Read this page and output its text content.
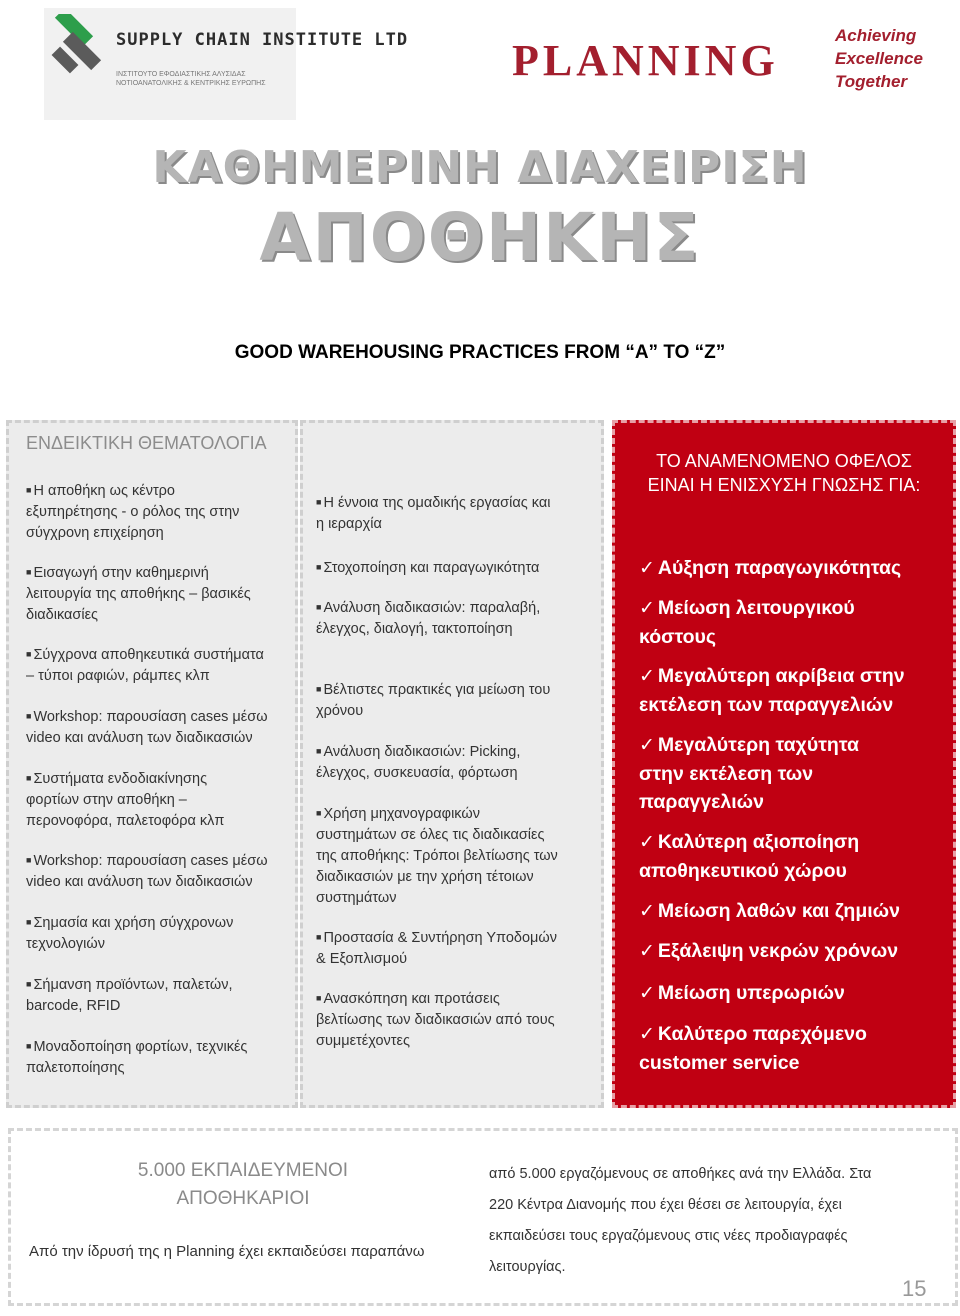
SUPPLY CHAIN INSTITUTE LTD
ΙΝΣΤΙΤΟΥΤΟ ΕΦΟΔΙΑΣΤΙΚΗΣ ΑΛΥΣΙΔΑΣ ΝΟΤΙΟΑΝΑΤΟΛΙΚΗΣ & ΚΕΝΤΡΙΚΗΣ ΕΥΡΩΠΗΣ	PLANNING
Achieving
Excellence
Together
ΚΑΘΗΜΕΡΙΝΗ ΔΙΑΧΕΙΡΙΣΗ
ΑΠΟΘΗΚΗΣ
GOOD WAREHOUSING PRACTICES FROM “A” TO “Z”
ΕΝΔΕΙΚΤΙΚΗ ΘΕΜΑΤΟΛΟΓΙΑ
■ Η αποθήκη ως κέντρο
εξυπηρέτησης - ο ρόλος της στην
σύγχρονη επιχείρηση
■ Εισαγωγή στην καθημερινή
λειτουργία της αποθήκης – βασικές
διαδικασίες
■ Σύγχρονα αποθηκευτικά συστήματα
– τύποι ραφιών, ράμπες κλπ
■ Workshop: παρουσίαση cases μέσω
video και ανάλυση των διαδικασιών
■ Συστήματα ενδοδιακίνησης
φορτίων στην αποθήκη –
περονοφόρα, παλετοφόρα κλπ
■ Workshop: παρουσίαση cases μέσω
video και ανάλυση των διαδικασιών
■ Σημασία και χρήση σύγχρονων
τεχνολογιών
■ Σήμανση προϊόντων, παλετών,
barcode, RFID
■ Μοναδοποίηση φορτίων, τεχνικές
παλετοποίησης
■ Η έννοια της ομαδικής εργασίας και
η ιεραρχία
■ Στοχοποίηση και παραγωγικότητα
■ Ανάλυση διαδικασιών: παραλαβή,
έλεγχος, διαλογή, τακτοποίηση
■ Βέλτιστες πρακτικές για μείωση του
χρόνου
■ Ανάλυση διαδικασιών: Picking,
έλεγχος, συσκευασία, φόρτωση
■ Χρήση μηχανογραφικών
συστημάτων σε όλες τις διαδικασίες
της αποθήκης: Τρόποι βελτίωσης των
διαδικασιών με την χρήση τέτοιων
συστημάτων
■ Προστασία & Συντήρηση Υποδομών
& Εξοπλισμού
■ Ανασκόπηση και προτάσεις
βελτίωσης των διαδικασιών από τους
συμμετέχοντες
ΤΟ ΑΝΑΜΕΝΟΜΕΝΟ ΟΦΕΛΟΣ
ΕΙΝΑΙ Η ΕΝΙΣΧΥΣΗ ΓΝΩΣΗΣ ΓΙΑ:
✓ Αύξηση παραγωγικότητας
✓ Μείωση λειτουργικού
κόστους
✓ Μεγαλύτερη ακρίβεια στην
εκτέλεση των παραγγελιών
✓ Μεγαλύτερη ταχύτητα
στην εκτέλεση των
παραγγελιών
✓ Καλύτερη αξιοποίηση
αποθηκευτικού χώρου
✓ Μείωση λαθών και ζημιών
✓ Εξάλειψη νεκρών χρόνων
✓ Μείωση υπερωριών
✓ Καλύτερο παρεχόμενο
customer service
5.000 ΕΚΠΑΙΔΕΥΜΕΝΟΙ
ΑΠΟΘΗΚΑΡΙΟΙ
Από την ίδρυσή της η Planning έχει εκπαιδεύσει παραπάνω
από 5.000 εργαζόμενους σε αποθήκες ανά την Ελλάδα. Στα
220 Κέντρα Διανομής που έχει θέσει σε λειτουργία, έχει
εκπαιδεύσει τους εργαζόμενους στις νέες προδιαγραφές
λειτουργίας.
15
